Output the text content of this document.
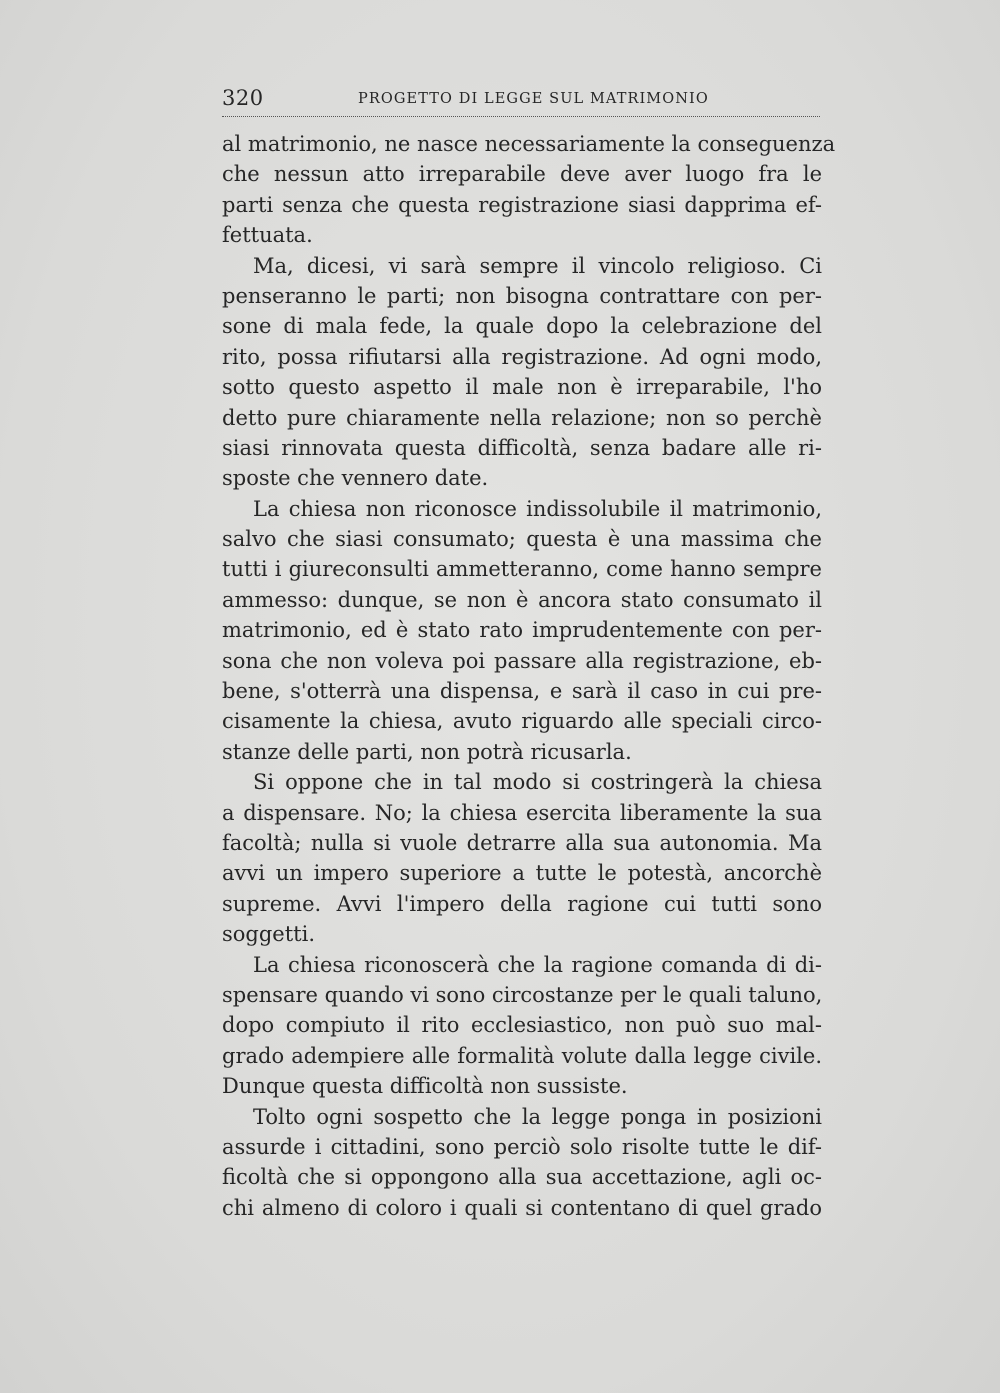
320	PROGETTO DI LEGGE SUL MATRIMONIO
al matrimonio, ne nasce necessariamente la conseguenza
che nessun atto irreparabile deve aver luogo fra le
parti senza che questa registrazione siasi dapprima ef-
fettuata.
Ma, dicesi, vi sarà sempre il vincolo religioso. Ci
penseranno le parti; non bisogna contrattare con per-
sone di mala fede, la quale dopo la celebrazione del
rito, possa rifiutarsi alla registrazione. Ad ogni modo,
sotto questo aspetto il male non è irreparabile, l'ho
detto pure chiaramente nella relazione; non so perchè
siasi rinnovata questa difficoltà, senza badare alle ri-
sposte che vennero date.
La chiesa non riconosce indissolubile il matrimonio,
salvo che siasi consumato; questa è una massima che
tutti i giureconsulti ammetteranno, come hanno sempre
ammesso: dunque, se non è ancora stato consumato il
matrimonio, ed è stato rato imprudentemente con per-
sona che non voleva poi passare alla registrazione, eb-
bene, s'otterrà una dispensa, e sarà il caso in cui pre-
cisamente la chiesa, avuto riguardo alle speciali circo-
stanze delle parti, non potrà ricusarla.
Si oppone che in tal modo si costringerà la chiesa
a dispensare. No; la chiesa esercita liberamente la sua
facoltà; nulla si vuole detrarre alla sua autonomia. Ma
avvi un impero superiore a tutte le potestà, ancorchè
supreme. Avvi l'impero della ragione cui tutti sono
soggetti.
La chiesa riconoscerà che la ragione comanda di di-
spensare quando vi sono circostanze per le quali taluno,
dopo compiuto il rito ecclesiastico, non può suo mal-
grado adempiere alle formalità volute dalla legge civile.
Dunque questa difficoltà non sussiste.
Tolto ogni sospetto che la legge ponga in posizioni
assurde i cittadini, sono perciò solo risolte tutte le dif-
ficoltà che si oppongono alla sua accettazione, agli oc-
chi almeno di coloro i quali si contentano di quel grado
